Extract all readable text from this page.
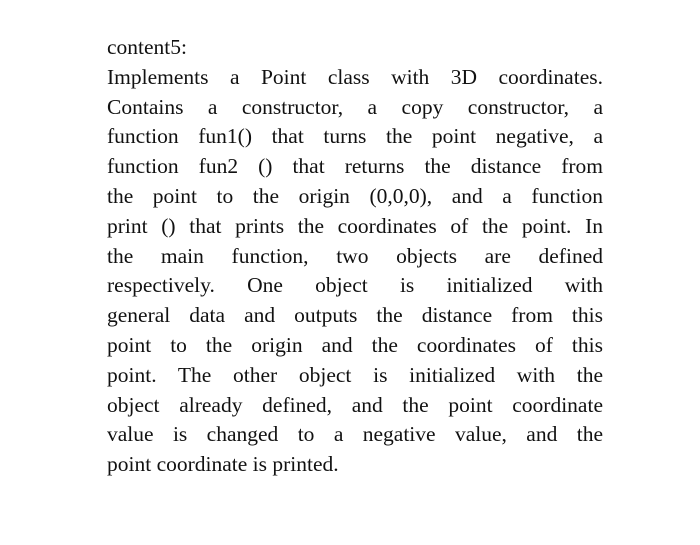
content5:
Implements a Point class with 3D coordinates.
Contains a constructor, a copy constructor, a
function fun1() that turns the point negative, a
function fun2 () that returns the distance from
the point to the origin (0,0,0), and a function
print () that prints the coordinates of the point. In
the main function, two objects are defined
respectively. One object is initialized with
general data and outputs the distance from this
point to the origin and the coordinates of this
point. The other object is initialized with the
object already defined, and the point coordinate
value is changed to a negative value, and the
point coordinate is printed.
